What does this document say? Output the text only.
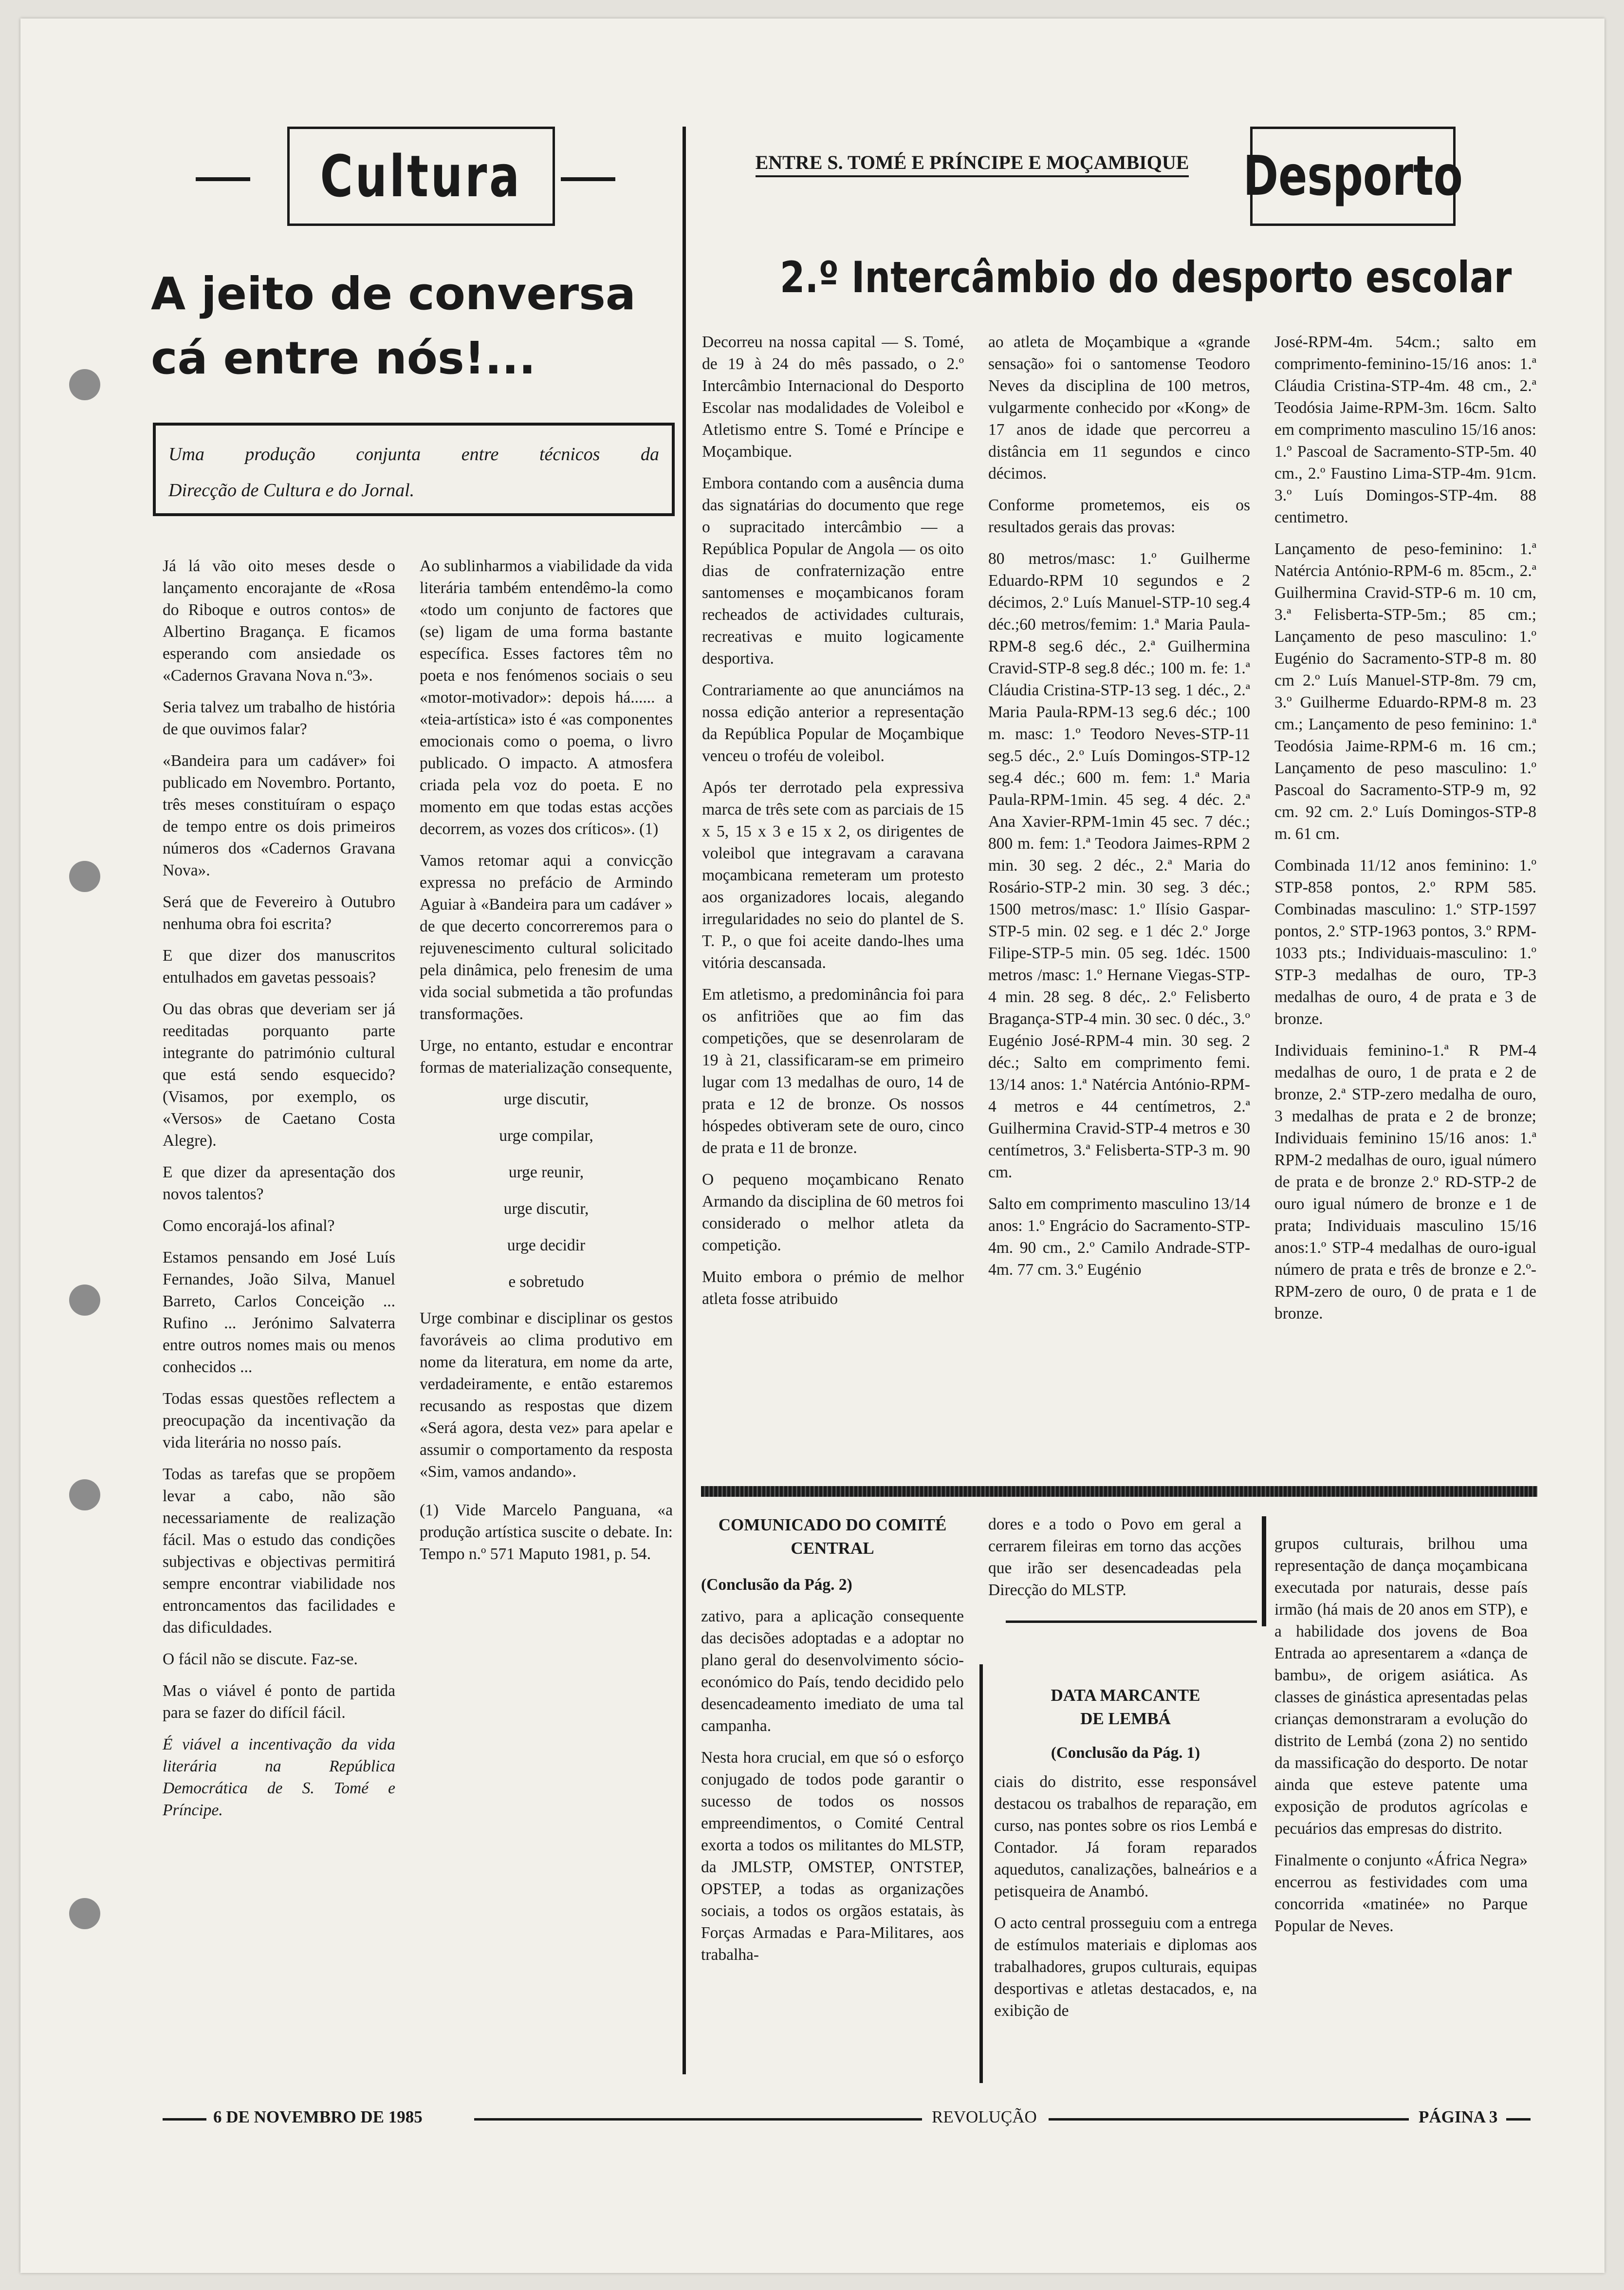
Cultura	ENTRE S. TOMÉ E PRÍNCIPE E MOÇAMBIQUE Desporto
A jeito de conversa
cá entre nós!...
Uma produção conjunta entre técnicos da
Direcção de Cultura e do Jornal.

Já lá vão oito meses desde o lançamento encorajante de «Rosa do Riboque e outros contos» de Albertino Bragança. E ficamos esperando com ansiedade os «Cadernos Gravana Nova n.º3».

Seria talvez um trabalho de história de que ouvimos falar?

«Bandeira para um cadáver» foi publicado em Novembro. Portanto, três meses constituíram o espaço de tempo entre os dois primeiros números dos «Cadernos Gravana Nova».

Será que de Fevereiro à Outubro nenhuma obra foi escrita?

E que dizer dos manuscritos entulhados em gavetas pessoais?

Ou das obras que deveriam ser já reeditadas porquanto parte integrante do património cultural que está sendo esquecido? (Visamos, por exemplo, os «Versos» de Caetano Costa Alegre).

E que dizer da apresentação dos novos talentos?

Como encorajá-los afinal?

Estamos pensando em José Luís Fernandes, João Silva, Manuel Barreto, Carlos Conceição ... Rufino ... Jerónimo Salvaterra entre outros nomes mais ou menos conhecidos ...

Todas essas questões reflectem a preocupação da incentivação da vida literária no nosso país.

Todas as tarefas que se propõem levar a cabo, não são necessariamente de realização fácil. Mas o estudo das condições subjectivas e objectivas permitirá sempre encontrar viabilidade nos entroncamentos das facilidades e das dificuldades.

O fácil não se discute. Faz-se.

Mas o viável é ponto de partida para se fazer do difícil fácil.

É viável a incentivação da vida literária na República Democrática de S. Tomé e Príncipe.

Ao sublinharmos a viabilidade da vida literária também entendêmo-la como «todo um conjunto de factores que (se) ligam de uma forma bastante específica. Esses factores têm no poeta e nos fenómenos sociais o seu «motor-motivador»: depois há...... a «teia-artística» isto é «as componentes emocionais como o poema, o livro publicado. O impacto. A atmosfera criada pela voz do poeta. E no momento em que todas estas acções decorrem, as vozes dos críticos». (1)

Vamos retomar aqui a convicção expressa no prefácio de Armindo Aguiar à «Bandeira para um cadáver » de que decerto concorreremos para o rejuvenescimento cultural solicitado pela dinâmica, pelo frenesim de uma vida social submetida a tão profundas transformações.

Urge, no entanto, estudar e encontrar formas de materialização consequente,

urge discutir,

urge compilar,

urge reunir,

urge discutir,

urge decidir

e sobretudo

Urge combinar e disciplinar os gestos favoráveis ao clima produtivo em nome da literatura, em nome da arte, verdadeiramente, e então estaremos recusando as respostas que dizem «Será agora, desta vez» para apelar e assumir o comportamento da resposta «Sim, vamos andando».

(1) Vide Marcelo Panguana, «a produção artística suscite o debate. In: Tempo n.º 571 Maputo 1981, p. 54.

2.º Intercâmbio do desporto escolar

Decorreu na nossa capital — S. Tomé, de 19 à 24 do mês passado, o 2.º Intercâmbio Internacional do Desporto Escolar nas modalidades de Voleibol e Atletismo entre S. Tomé e Príncipe e Moçambique.

Embora contando com a ausência duma das signatárias do documento que rege o supracitado intercâmbio — a República Popular de Angola — os oito dias de confraternização entre santomenses e moçambicanos foram recheados de actividades culturais, recreativas e muito logicamente desportiva.

Contrariamente ao que anunciámos na nossa edição anterior a representação da República Popular de Moçambique venceu o troféu de voleibol.

Após ter derrotado pela expressiva marca de três sete com as parciais de 15 x 5, 15 x 3 e 15 x 2, os dirigentes de voleibol que integravam a caravana moçambicana remeteram um protesto aos organizadores locais, alegando irregularidades no seio do plantel de S. T. P., o que foi aceite dando-lhes uma vitória descansada.

Em atletismo, a predominância foi para os anfitriões que ao fim das competições, que se desenrolaram de 19 à 21, classificaram-se em primeiro lugar com 13 medalhas de ouro, 14 de prata e 12 de bronze. Os nossos hóspedes obtiveram sete de ouro, cinco de prata e 11 de bronze.

O pequeno moçambicano Renato Armando da disciplina de 60 metros foi considerado o melhor atleta da competição.

Muito embora o prémio de melhor atleta fosse atribuido

ao atleta de Moçambique a «grande sensação» foi o santomense Teodoro Neves da disciplina de 100 metros, vulgarmente conhecido por «Kong» de 17 anos de idade que percorreu a distância em 11 segundos e cinco décimos.

Conforme prometemos, eis os resultados gerais das provas:

80 metros/masc: 1.º Guilherme Eduardo-RPM 10 segundos e 2 décimos, 2.º Luís Manuel-STP-10 seg.4 déc.;60 metros/femim: 1.ª Maria Paula-RPM-8 seg.6 déc., 2.ª Guilhermina Cravid-STP-8 seg.8 déc.; 100 m. fe: 1.ª Cláudia Cristina-STP-13 seg. 1 déc., 2.ª Maria Paula-RPM-13 seg.6 déc.; 100 m. masc: 1.º Teodoro Neves-STP-11 seg.5 déc., 2.º Luís Domingos-STP-12 seg.4 déc.; 600 m. fem: 1.ª Maria Paula-RPM-1min. 45 seg. 4 déc. 2.ª Ana Xavier-RPM-1min 45 sec. 7 déc.; 800 m. fem: 1.ª Teodora Jaimes-RPM 2 min. 30 seg. 2 déc., 2.ª Maria do Rosário-STP-2 min. 30 seg. 3 déc.; 1500 metros/masc: 1.º Ilísio Gaspar-STP-5 min. 02 seg. e 1 déc 2.º Jorge Filipe-STP-5 min. 05 seg. 1déc. 1500 metros /masc: 1.º Hernane Viegas-STP-4 min. 28 seg. 8 déc,. 2.º Felisberto Bragança-STP-4 min. 30 sec. 0 déc., 3.º Eugénio José-RPM-4 min. 30 seg. 2 déc.; Salto em comprimento femi. 13/14 anos: 1.ª Natércia António-RPM-4 metros e 44 centímetros, 2.ª Guilhermina Cravid-STP-4 metros e 30 centímetros, 3.ª Felisberta-STP-3 m. 90 cm.

Salto em comprimento masculino 13/14 anos: 1.º Engrácio do Sacramento-STP-4m. 90 cm., 2.º Camilo Andrade-STP-4m. 77 cm. 3.º Eugénio

José-RPM-4m. 54cm.; salto em comprimento-feminino-15/16 anos: 1.ª Cláudia Cristina-STP-4m. 48 cm., 2.ª Teodósia Jaime-RPM-3m. 16cm. Salto em comprimento masculino 15/16 anos: 1.º Pascoal de Sacramento-STP-5m. 40 cm., 2.º Faustino Lima-STP-4m. 91cm. 3.º Luís Domingos-STP-4m. 88 centimetro.

Lançamento de peso-feminino: 1.ª Natércia António-RPM-6 m. 85cm., 2.ª Guilhermina Cravid-STP-6 m. 10 cm, 3.ª Felisberta-STP-5m.; 85 cm.; Lançamento de peso masculino: 1.º Eugénio do Sacramento-STP-8 m. 80 cm 2.º Luís Manuel-STP-8m. 79 cm, 3.º Guilherme Eduardo-RPM-8 m. 23 cm.; Lançamento de peso feminino: 1.ª Teodósia Jaime-RPM-6 m. 16 cm.; Lançamento de peso masculino: 1.º Pascoal do Sacramento-STP-9 m, 92 cm. 92 cm. 2.º Luís Domingos-STP-8 m. 61 cm.

Combinada 11/12 anos feminino: 1.º STP-858 pontos, 2.º RPM 585. Combinadas masculino: 1.º STP-1597 pontos, 2.º STP-1963 pontos, 3.º RPM-1033 pts.; Individuais-masculino: 1.º STP-3 medalhas de ouro, TP-3 medalhas de ouro, 4 de prata e 3 de bronze.

Individuais feminino-1.ª R PM-4 medalhas de ouro, 1 de prata e 2 de bronze, 2.ª STP-zero medalha de ouro, 3 medalhas de prata e 2 de bronze; Individuais feminino 15/16 anos: 1.ª RPM-2 medalhas de ouro, igual número de prata e de bronze 2.º RD-STP-2 de ouro igual número de bronze e 1 de prata; Individuais masculino 15/16 anos:1.º STP-4 medalhas de ouro-igual número de prata e três de bronze e 2.º-RPM-zero de ouro, 0 de prata e 1 de bronze.

COMUNICADO DO COMITÉ

CENTRAL

(Conclusão da Pág. 2)

zativo, para a aplicação consequente das decisões adoptadas e a adoptar no plano geral do desenvolvimento sócio-económico do País, tendo decidido pelo desencadeamento imediato de uma tal campanha.

Nesta hora crucial, em que só o esforço conjugado de todos pode garantir o sucesso de todos os nossos empreendimentos, o Comité Central exorta a todos os militantes do MLSTP, da JMLSTP, OMSTEP, ONTSTEP, OPSTEP, a todas as organizações sociais, a todos os orgãos estatais, às Forças Armadas e Para-Militares, aos trabalha-

dores e a todo o Povo em geral a cerrarem fileiras em torno das acções que irão ser desencadeadas pela Direcção do MLSTP.

DATA MARCANTE

DE LEMBÁ

(Conclusão da Pág. 1)

ciais do distrito, esse responsável destacou os trabalhos de reparação, em curso, nas pontes sobre os rios Lembá e Contador. Já foram reparados aquedutos, canalizações, balneários e a petisqueira de Anambó.

O acto central prosseguiu com a entrega de estímulos materiais e diplomas aos trabalhadores, grupos culturais, equipas desportivas e atletas destacados, e, na exibição de

grupos culturais, brilhou uma representação de dança moçambicana executada por naturais, desse país irmão (há mais de 20 anos em STP), e a habilidade dos jovens de Boa Entrada ao apresentarem a «dança de bambu», de origem asiática. As classes de ginástica apresentadas pelas crianças demonstraram a evolução do distrito de Lembá (zona 2) no sentido da massificação do desporto. De notar ainda que esteve patente uma exposição de produtos agrícolas e pecuários das empresas do distrito.

Finalmente o conjunto «África Negra» encerrou as festividades com uma concorrida «matinée» no Parque Popular de Neves.

6 DE NOVEMBRO DE 1985	REVOLUÇÃO	PÁGINA 3
